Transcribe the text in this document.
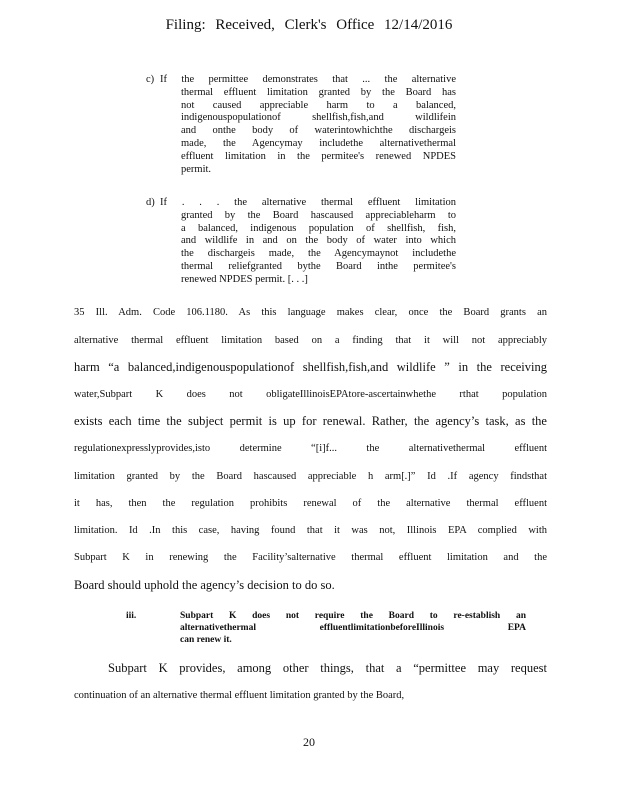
Filing: Received, Clerk's Office 12/14/2016
c) If the permittee demonstrates that ... the alternative
thermal effluent limitation granted by the Board has
not caused appreciable harm to a balanced,
indigenouspopulationof shellfish,fish,and wildlifein
and onthe body of waterintowhichthe dischargeis
made, the Agencymay includethe alternativethermal
effluent limitation in the permitee's renewed NPDES
permit.
d) If . . . the alternative thermal effluent limitation
granted by the Board hascaused appreciableharm to
a balanced, indigenous population of shellfish, fish,
and wildlife in and on the body of water into which
the dischargeis made, the Agencymaynot includethe
thermal reliefgranted bythe Board inthe permitee's
renewed NPDES permit. [. . .]
35 Ill. Adm. Code 106.1180. As this language makes clear, once the Board grants an
alternative thermal effluent limitation based on a finding that it will not appreciably
harm “a balanced,indigenouspopulationof shellfish,fish,and wildlife ” in the receiving
water,Subpart K does not obligateIllinoisEPAtore-ascertainwhethe rthat population
exists each time the subject permit is up for renewal. Rather, the agency’s task, as the
regulationexpresslyprovides,isto determine “[i]f... the alternativethermal effluent
limitation granted by the Board hascaused appreciable h arm[.]” Id .If agency findsthat
it has, then the regulation prohibits renewal of the alternative thermal effluent
limitation. Id .In this case, having found that it was not, Illinois EPA complied with
Subpart K in renewing the Facility’salternative thermal effluent limitation and the
Board should uphold the agency’s decision to do so.
iii.	Subpart K does not require the Board to re-establish an
alternativethermal effluentlimitationbeforeIllinois EPA
can renew it.
Subpart K provides, among other things, that a “permittee may request
continuation of an alternative thermal effluent limitation granted by the Board,
20
